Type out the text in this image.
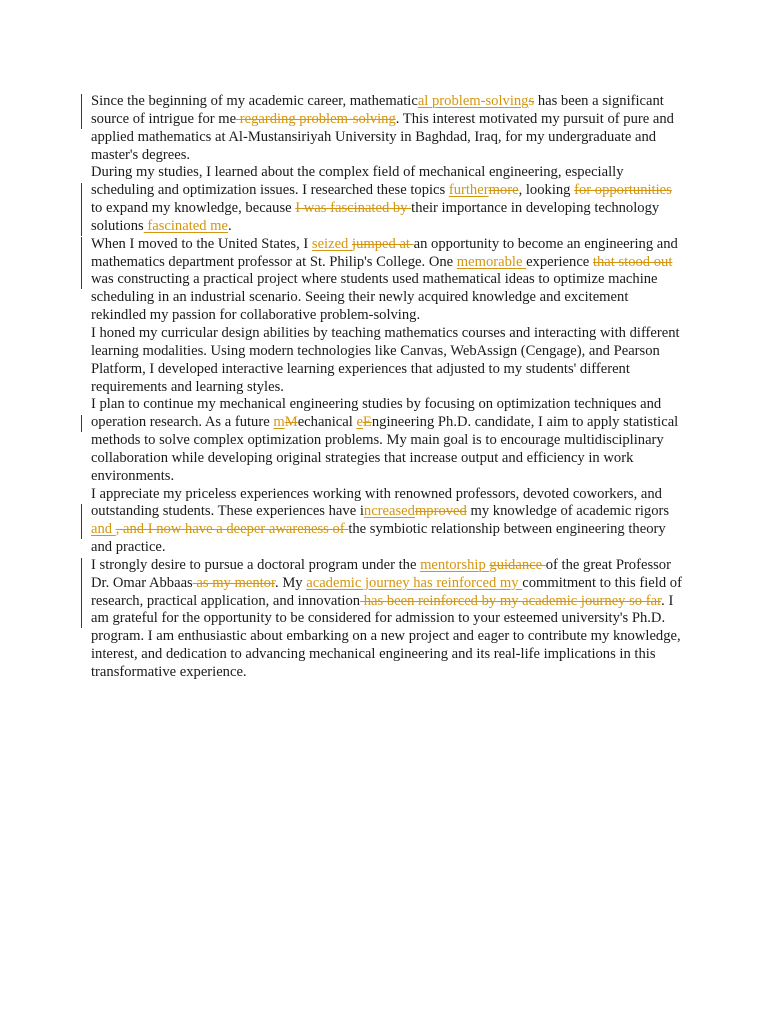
Since the beginning of my academic career, mathematical problem-solvings has been a significant source of intrigue for me regarding problem-solving. This interest motivated my pursuit of pure and applied mathematics at Al-Mustansiriyah University in Baghdad, Iraq, for my undergraduate and master's degrees.

During my studies, I learned about the complex field of mechanical engineering, especially scheduling and optimization issues. I researched these topics furthermore, looking for opportunities to expand my knowledge, because I was fascinated by their importance in developing technology solutions fascinated me.

When I moved to the United States, I seized jumped at an opportunity to become an engineering and mathematics department professor at St. Philip's College. One memorable experience that stood out was constructing a practical project where students used mathematical ideas to optimize machine scheduling in an industrial scenario. Seeing their newly acquired knowledge and excitement rekindled my passion for collaborative problem-solving.

I honed my curricular design abilities by teaching mathematics courses and interacting with different learning modalities. Using modern technologies like Canvas, WebAssign (Cengage), and Pearson Platform, I developed interactive learning experiences that adjusted to my students' different requirements and learning styles.

I plan to continue my mechanical engineering studies by focusing on optimization techniques and operation research. As a future mMechanical eEngineering Ph.D. candidate, I aim to apply statistical methods to solve complex optimization problems. My main goal is to encourage multidisciplinary collaboration while developing original strategies that increase output and efficiency in work environments.

I appreciate my priceless experiences working with renowned professors, devoted coworkers, and outstanding students. These experiences have increasedmproved my knowledge of academic rigors and , and I now have a deeper awareness of the symbiotic relationship between engineering theory and practice.

I strongly desire to pursue a doctoral program under the mentorship guidance of the great Professor Dr. Omar Abbaas as my mentor. My academic journey has reinforced my commitment to this field of research, practical application, and innovation has been reinforced by my academic journey so far. I am grateful for the opportunity to be considered for admission to your esteemed university's Ph.D. program. I am enthusiastic about embarking on a new project and eager to contribute my knowledge, interest, and dedication to advancing mechanical engineering and its real-life implications in this transformative experience.
